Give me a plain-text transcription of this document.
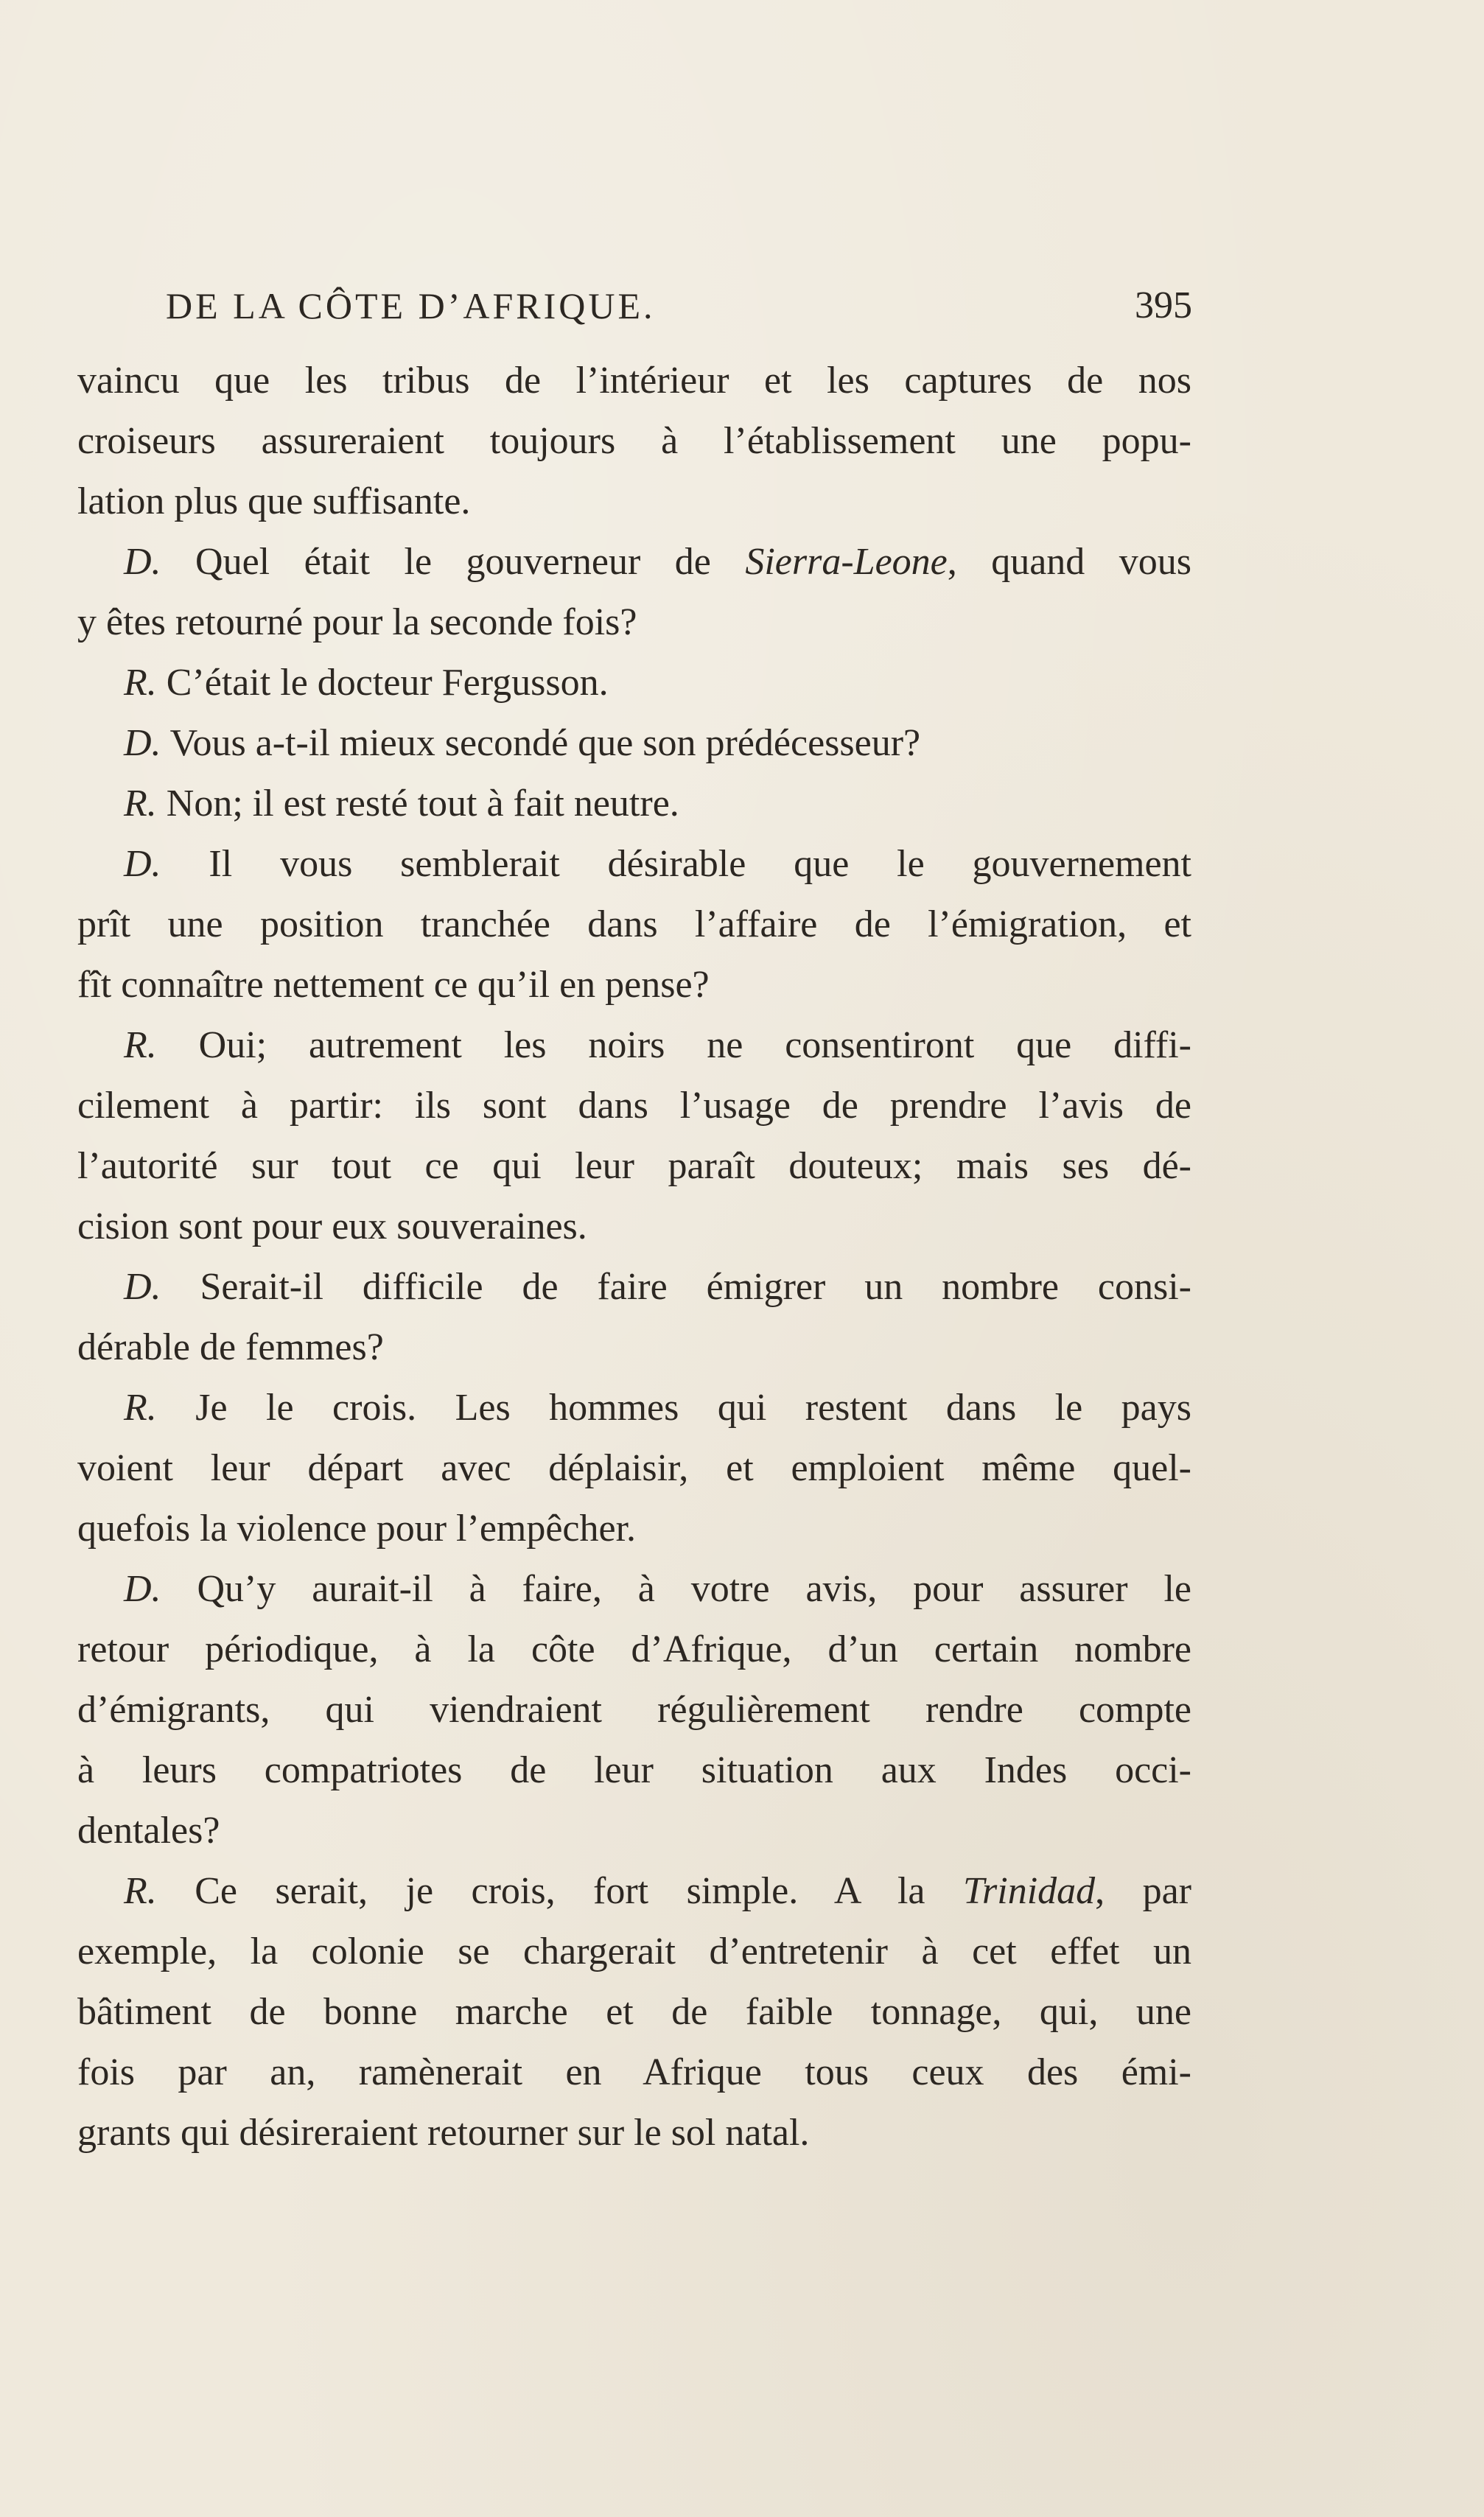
DE LA CÔTE D’AFRIQUE.	395
vaincu que les tribus de l’intérieur et les captures de nos
croiseurs assureraient toujours à l’établissement une popu-
lation plus que suffisante.
D. Quel était le gouverneur de Sierra-Leone, quand vous
y êtes retourné pour la seconde fois?
R. C’était le docteur Fergusson.
D. Vous a-t-il mieux secondé que son prédécesseur?
R. Non; il est resté tout à fait neutre.
D. Il vous semblerait désirable que le gouvernement
prît une position tranchée dans l’affaire de l’émigration, et
fît connaître nettement ce qu’il en pense?
R. Oui; autrement les noirs ne consentiront que diffi-
cilement à partir: ils sont dans l’usage de prendre l’avis de
l’autorité sur tout ce qui leur paraît douteux; mais ses dé-
cision sont pour eux souveraines.
D. Serait-il difficile de faire émigrer un nombre consi-
dérable de femmes?
R. Je le crois. Les hommes qui restent dans le pays
voient leur départ avec déplaisir, et emploient même quel-
quefois la violence pour l’empêcher.
D. Qu’y aurait-il à faire, à votre avis, pour assurer le
retour périodique, à la côte d’Afrique, d’un certain nombre
d’émigrants, qui viendraient régulièrement rendre compte
à leurs compatriotes de leur situation aux Indes occi-
dentales?
R. Ce serait, je crois, fort simple. A la Trinidad, par
exemple, la colonie se chargerait d’entretenir à cet effet un
bâtiment de bonne marche et de faible tonnage, qui, une
fois par an, ramènerait en Afrique tous ceux des émi-
grants qui désireraient retourner sur le sol natal.
